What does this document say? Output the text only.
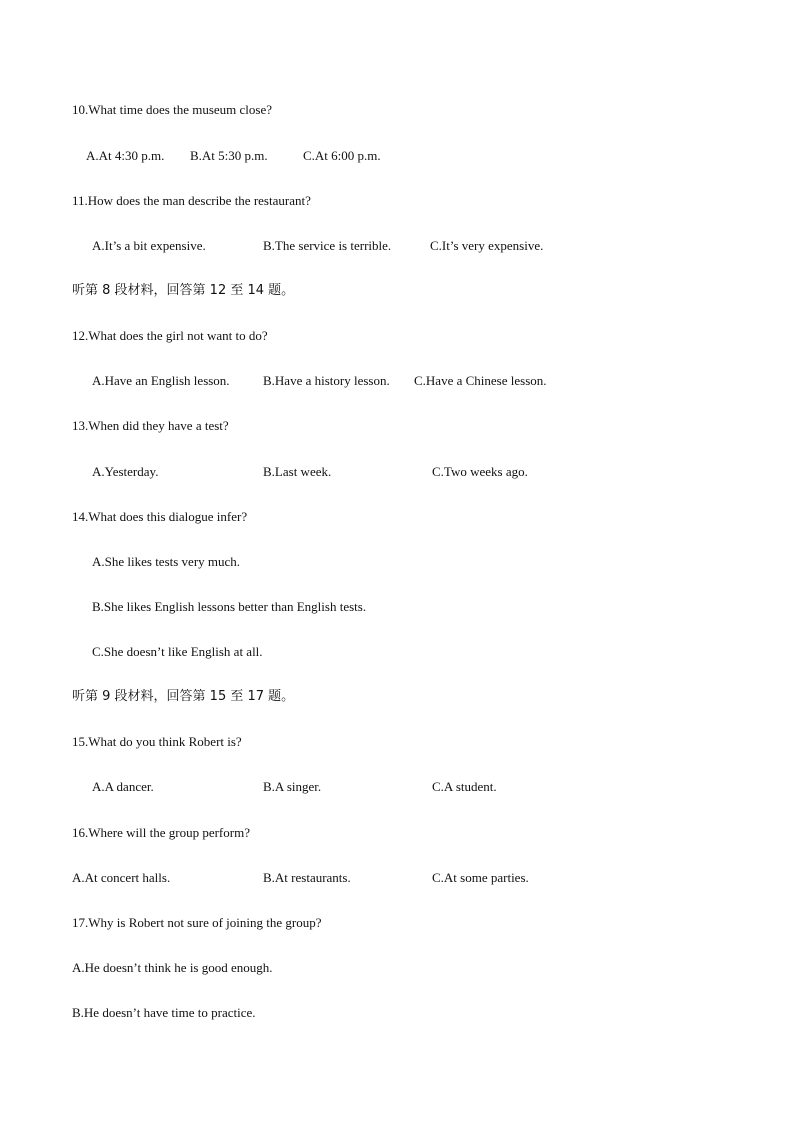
10.What time does the museum close?
A.At 4:30 p.m. B.At 5:30 p.m.	C.At 6:00 p.m.
11.How does the man describe the restaurant?
A.It’s a bit expensive.	B.The service is terrible.	C.It’s very expensive.
听第 8 段材料，回答第 12 至 14 题。
12.What does the girl not want to do?
A.Have an English lesson.	B.Have a history lesson. C.Have a Chinese lesson.
13.When did they have a test?
A.Yesterday.	B.Last week.	C.Two weeks ago.
14.What does this dialogue infer?
A.She likes tests very much.
B.She likes English lessons better than English tests.
C.She doesn’t like English at all.
听第 9 段材料，回答第 15 至 17 题。
15.What do you think Robert is?
A.A dancer.	B.A singer.	C.A student.
16.Where will the group perform?
A.At concert halls.	B.At restaurants.	C.At some parties.
17.Why is Robert not sure of joining the group?
A.He doesn’t think he is good enough.
B.He doesn’t have time to practice.
